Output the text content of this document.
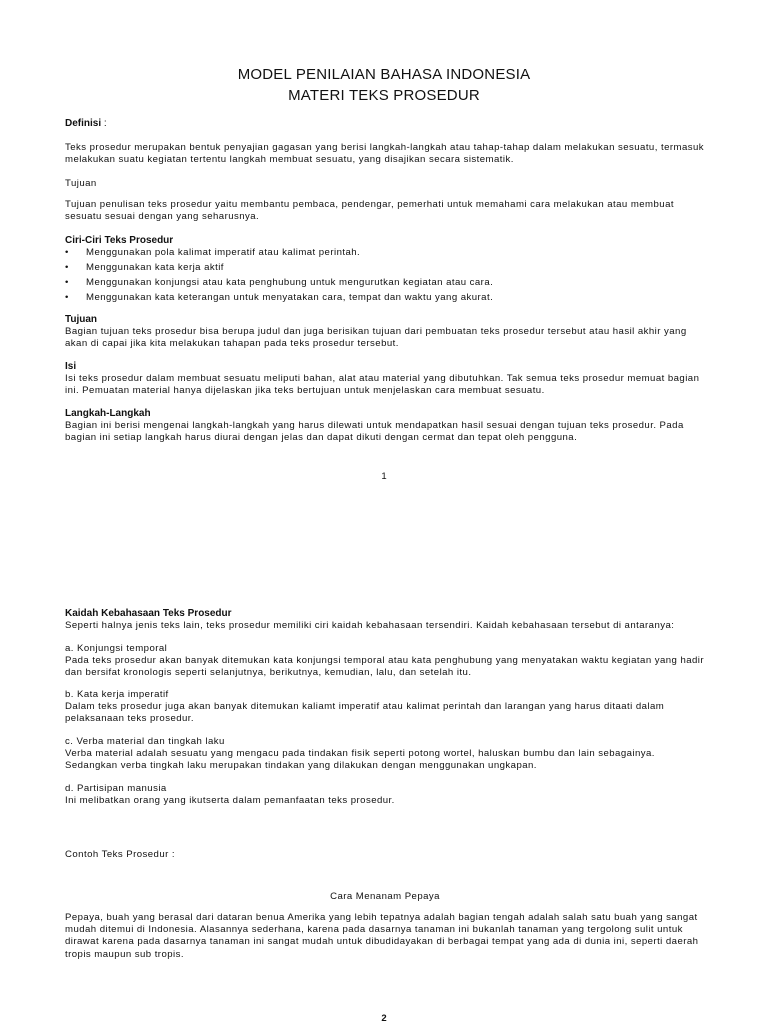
MODEL PENILAIAN BAHASA INDONESIA
MATERI TEKS PROSEDUR

Definisi :

Teks prosedur merupakan bentuk penyajian gagasan yang berisi langkah-langkah atau tahap-tahap dalam melakukan sesuatu, termasuk melakukan suatu kegiatan tertentu langkah membuat sesuatu, yang disajikan secara sistematik.

Tujuan

Tujuan penulisan teks prosedur yaitu membantu pembaca, pendengar, pemerhati untuk memahami cara melakukan atau membuat sesuatu sesuai dengan yang seharusnya.

Ciri-Ciri Teks Prosedur

• Menggunakan pola kalimat imperatif atau kalimat perintah.
• Menggunakan kata kerja aktif
• Menggunakan konjungsi atau kata penghubung untuk mengurutkan kegiatan atau cara.
• Menggunakan kata keterangan untuk menyatakan cara, tempat dan waktu yang akurat.

Tujuan

Bagian tujuan teks prosedur bisa berupa judul dan juga berisikan tujuan dari pembuatan teks prosedur tersebut atau hasil akhir yang akan di capai jika kita melakukan tahapan pada teks prosedur tersebut.

Isi

Isi teks prosedur dalam membuat sesuatu meliputi bahan, alat atau material yang dibutuhkan. Tak semua teks prosedur memuat bagian ini. Pemuatan material hanya dijelaskan jika teks bertujuan untuk menjelaskan cara membuat sesuatu.

Langkah-Langkah

Bagian ini berisi mengenai langkah-langkah yang harus dilewati untuk mendapatkan hasil sesuai dengan tujuan teks prosedur. Pada bagian ini setiap langkah harus diurai dengan jelas dan dapat dikuti dengan cermat dan tepat oleh pengguna.

1

Kaidah Kebahasaan Teks Prosedur

Seperti halnya jenis teks lain, teks prosedur memiliki ciri kaidah kebahasaan tersendiri. Kaidah kebahasaan tersebut di antaranya:

a. Konjungsi temporal

Pada teks prosedur akan banyak ditemukan kata konjungsi temporal atau kata penghubung yang menyatakan waktu kegiatan yang hadir dan bersifat kronologis seperti selanjutnya, berikutnya, kemudian, lalu, dan setelah itu.

b. Kata kerja imperatif

Dalam teks prosedur juga akan banyak ditemukan kaliamt imperatif atau kalimat perintah dan larangan yang harus ditaati dalam pelaksanaan teks prosedur.

c. Verba material dan tingkah laku

Verba material adalah sesuatu yang mengacu pada tindakan fisik seperti potong wortel, haluskan bumbu dan lain sebagainya. Sedangkan verba tingkah laku merupakan tindakan yang dilakukan dengan menggunakan ungkapan.

d. Partisipan manusia

Ini melibatkan orang yang ikutserta dalam pemanfaatan teks prosedur.

Contoh Teks Prosedur :

Cara Menanam Pepaya

Pepaya, buah yang berasal dari dataran benua Amerika yang lebih tepatnya adalah bagian tengah adalah salah satu buah yang sangat mudah ditemui di Indonesia. Alasannya sederhana, karena pada dasarnya tanaman ini bukanlah tanaman yang tergolong sulit untuk dirawat karena pada dasarnya tanaman ini sangat mudah untuk dibudidayakan di berbagai tempat yang ada di dunia ini, seperti daerah tropis maupun sub tropis.

2
